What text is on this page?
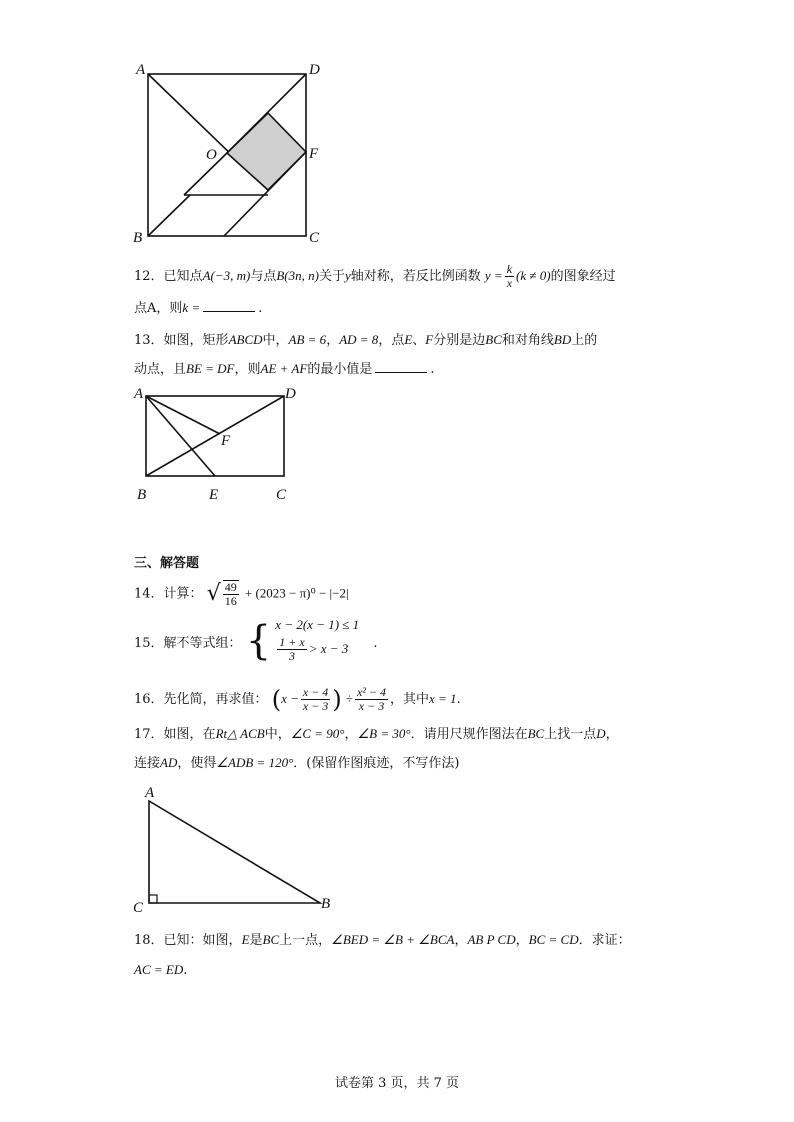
A	D
O	F
B	C
12．已知点A(−3, m)与点B(3n, n)关于y轴对称，若反比例函数 $y = \frac{k}{x} (k \ne 0)$的图象经过
点A，则k =	.
13．如图，矩形ABCD中，AB = 6，AD = 8，点E、F分别是边BC和对角线BD上的
动点，且BE = DF，则AE + AF的最小值是	.
A	D
F
B	E	C
三、解答题
14．计算： √ $\frac{49}{16} + (2023 - \pi)^0 - |-2|$
15．解不等式组： { x − 2(x − 1) ≤ 1
$\frac{1 + x}{3} > x - 3$	.
16．先化简，再求值： ($x - \frac{x - 4}{x - 3}$ ) ÷ $\frac{\text{x² − 4}}{x - 3}$ ，其中x = 1.
17．如图，在Rt△ ACB中，∠C = 90°，∠B = 30°．请用尺规作图法在BC上找一点D，
连接AD，使得∠ADB = 120°．(保留作图痕迹，不写作法)
A
C	B
18．已知：如图，E是BC上一点，∠BED = ∠B + ∠BCA，AB P CD，BC = CD．求证：
AC = ED.
试卷第 3 页，共 7 页
